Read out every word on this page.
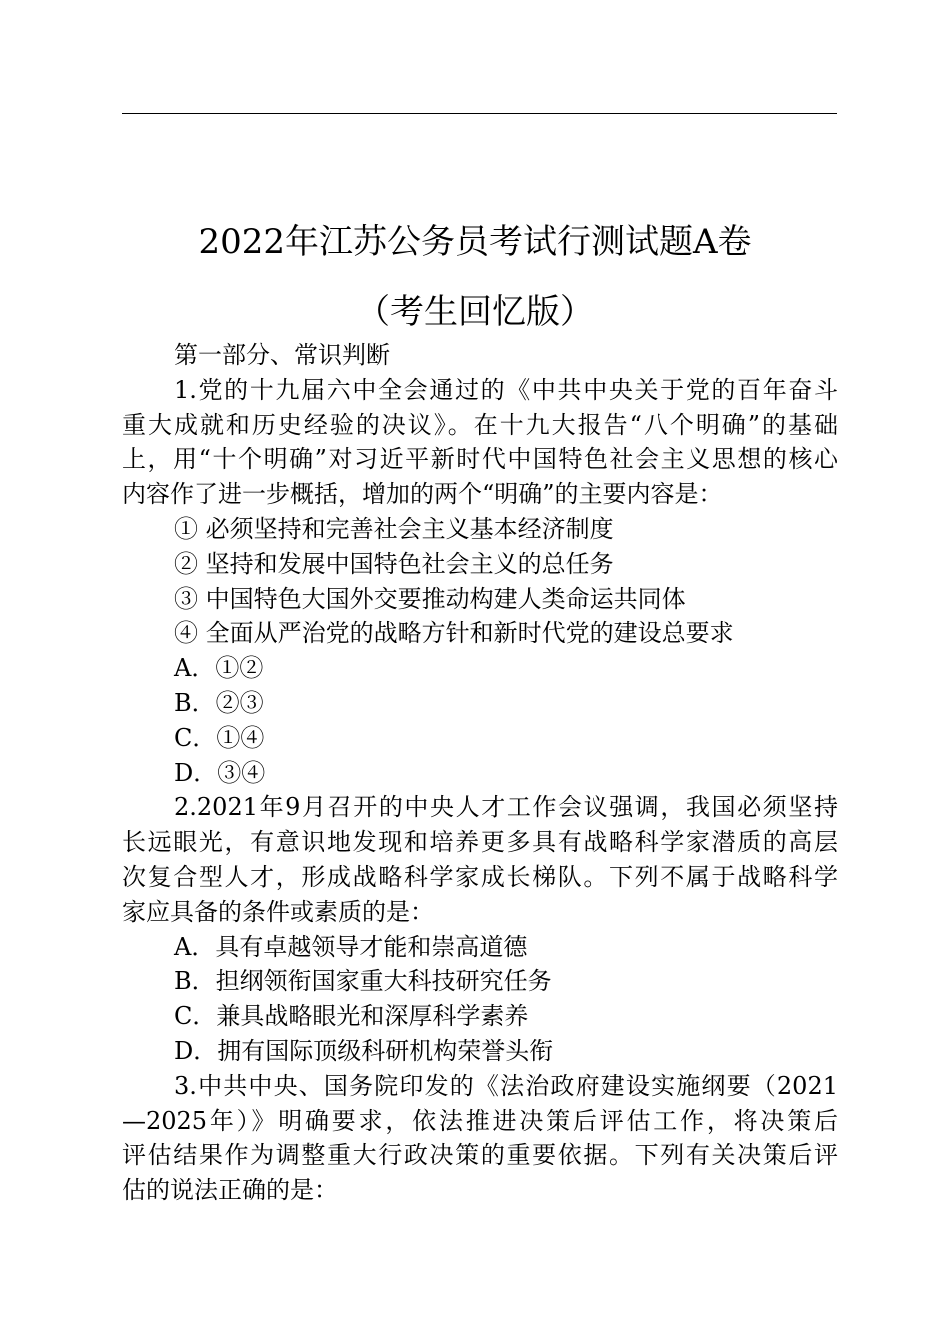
2022年江苏公务员考试行测试题A卷
（考生回忆版）
第一部分、常识判断
1.党的十九届六中全会通过的《中共中央关于党的百年奋斗
重大成就和历史经验的决议》。在十九大报告“八个明确”的基础
上，用“十个明确”对习近平新时代中国特色社会主义思想的核心
内容作了进一步概括，增加的两个“明确”的主要内容是：
① 必须坚持和完善社会主义基本经济制度
② 坚持和发展中国特色社会主义的总任务
③ 中国特色大国外交要推动构建人类命运共同体
④ 全面从严治党的战略方针和新时代党的建设总要求
A．①②
B．②③
C．①④
D．③④
2.2021年9月召开的中央人才工作会议强调，我国必须坚持
长远眼光，有意识地发现和培养更多具有战略科学家潜质的高层
次复合型人才，形成战略科学家成长梯队。下列不属于战略科学
家应具备的条件或素质的是：
A．具有卓越领导才能和崇高道德
B．担纲领衔国家重大科技研究任务
C．兼具战略眼光和深厚科学素养
D．拥有国际顶级科研机构荣誉头衔
3.中共中央、国务院印发的《法治政府建设实施纲要（2021
—2025年）》明确要求，依法推进决策后评估工作，将决策后
评估结果作为调整重大行政决策的重要依据。下列有关决策后评
估的说法正确的是：
